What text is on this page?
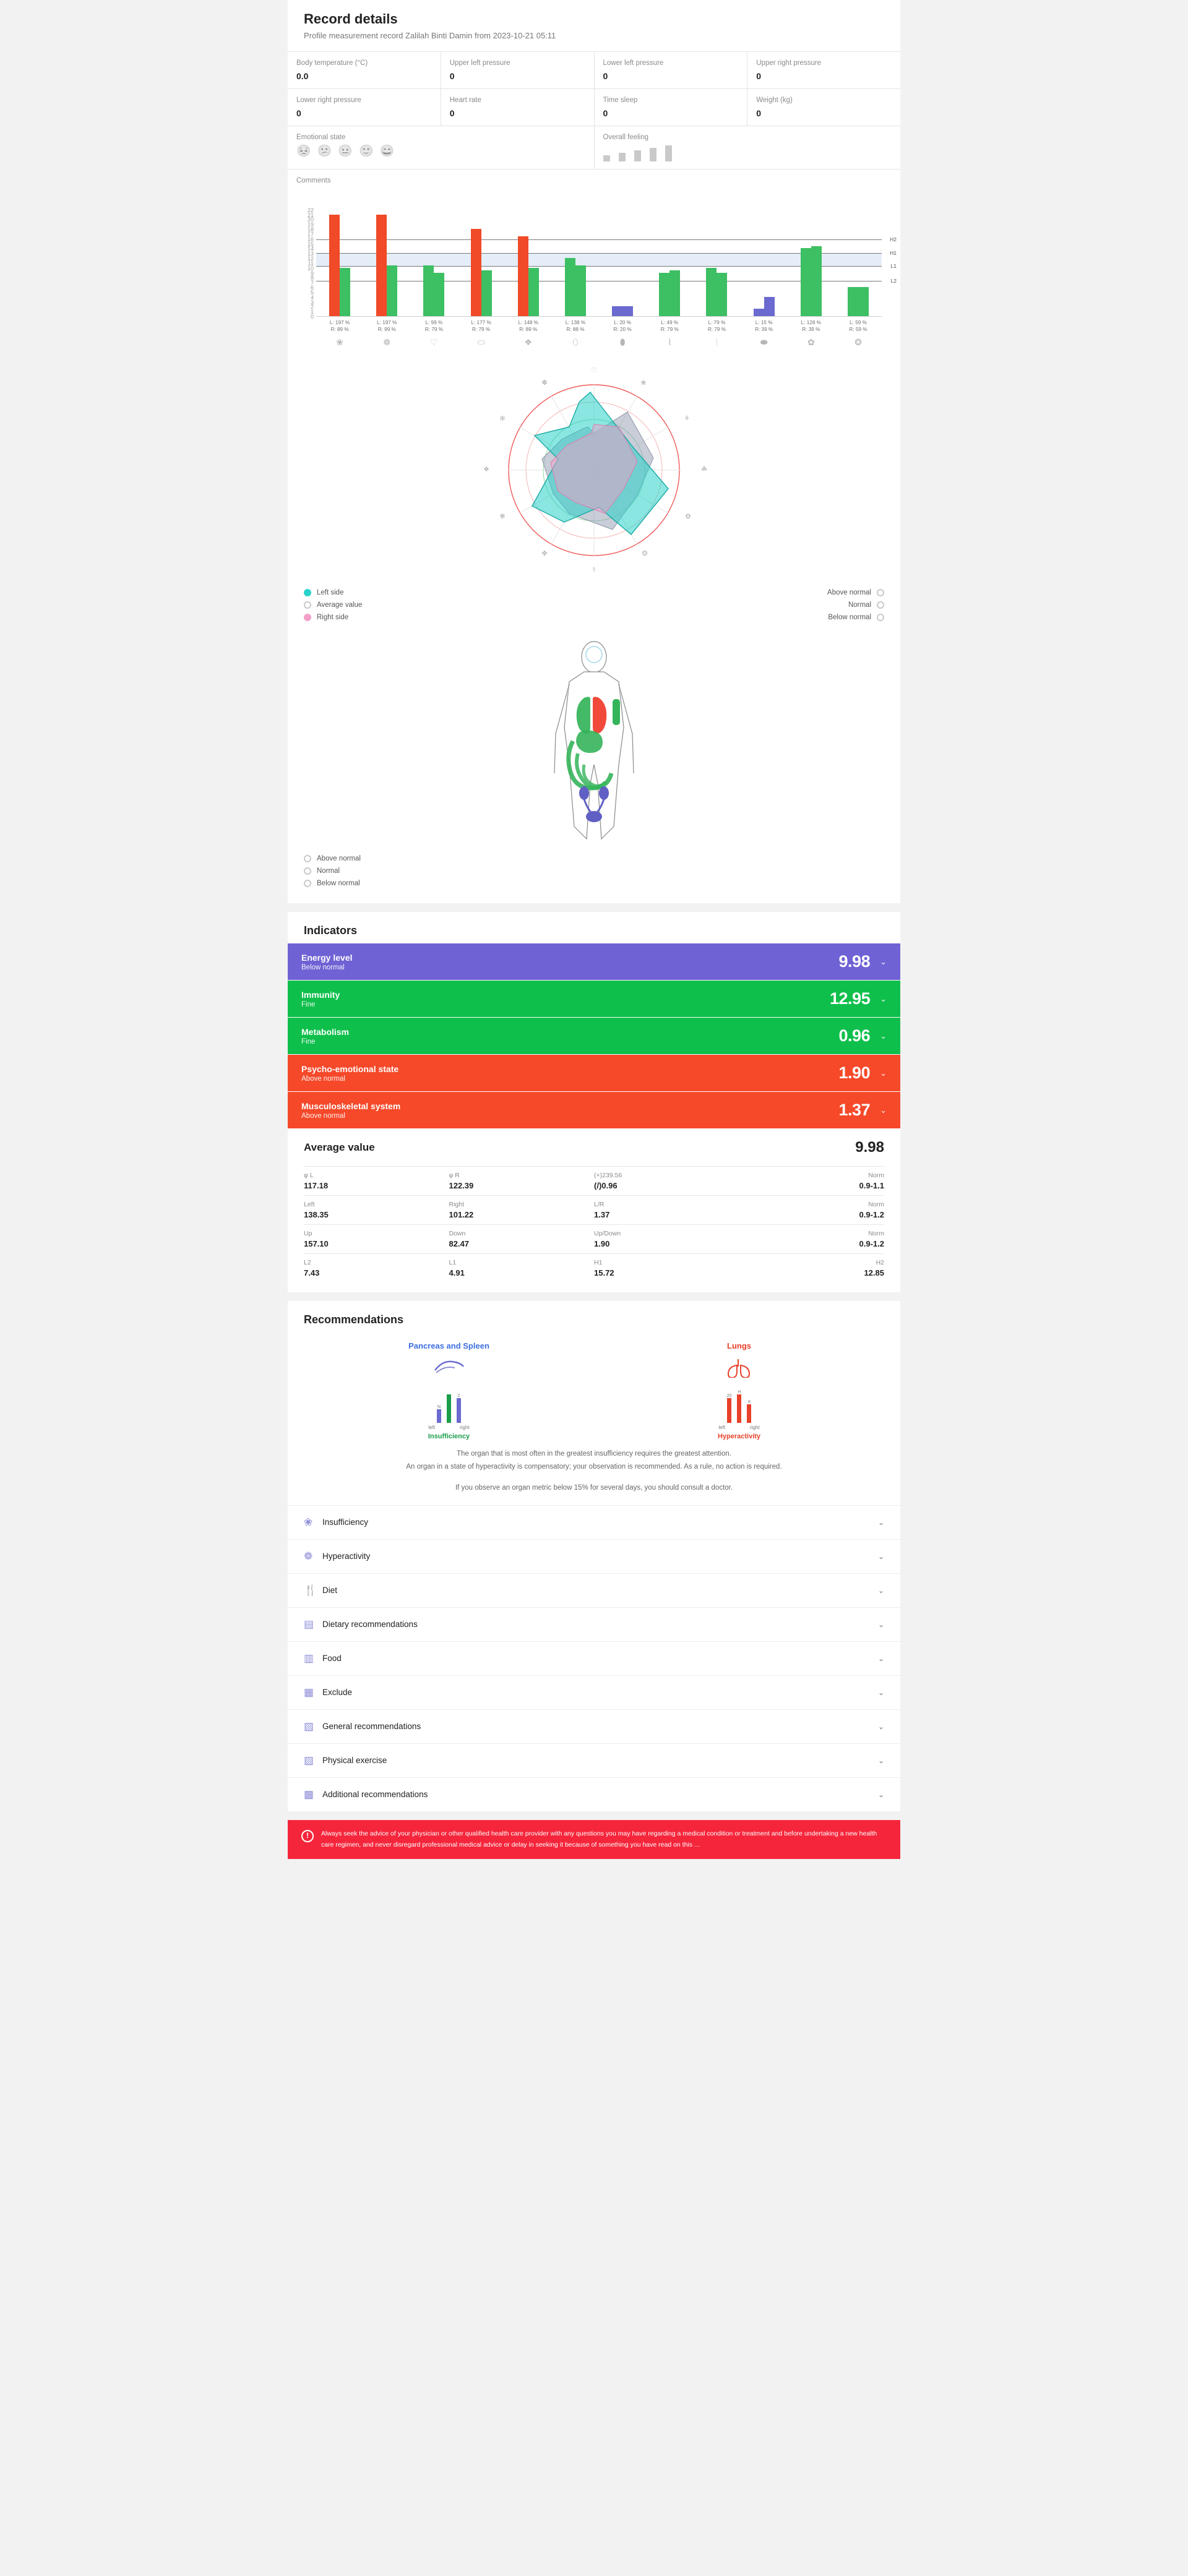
Record details
Profile measurement record Zalilah Binti Damin from 2023-10-21 05:11
Body temperature (°C)
0.0
Upper left pressure
0
Lower left pressure
0
Upper right pressure
0
Lower right pressure
0
Heart rate
0
Time sleep
0
Weight (kg)
0
Emotional state
😣 😕 😐 🙂 😄
Overall feeling
Comments
0
1
2
3
4
5
6
7
8
9
10
11
12
13
14
15
16
17
18
19
20
21
22
H2
H1
L1
L2
L: 197 %
R: 89 %
L: 197 %
R: 99 %
L: 99 %
R: 79 %
L: 177 %
R: 79 %
L: 148 %
R: 89 %
L: 138 %
R: 88 %
L: 20 %
R: 20 %
L: 49 %
R: 79 %
L: 79 %
R: 79 %
L: 15 %
R: 39 %
L: 128 %
R: 39 %
L: 59 %
R: 59 %
❀	❁	♡	⬭	❖	⬯	⬮	⌇	⦙	⬬	✿	❂
♡
❀
⚘
☘
✿
❂
⚕
✤
✾
❖
✻
✽
Left side
Average value
Right side
Above normal
Normal
Below normal
Above normal
Normal
Below normal
Indicators
Energy level
Below normal	9.98 ⌄
Immunity
Fine	12.95 ⌄
Metabolism
Fine	0.96 ⌄
Psycho-emotional state
Above normal	1.90 ⌄
Musculoskeletal system
Above normal	1.37 ⌄
Average value	9.98
φ L
117.18
φ R
122.39
(+)239.56
(/)0.96
Norm
0.9-1.1
Left
138.35
Right
101.22
L/R
1.37
Norm
0.9-1.2
Up
157.10
Down
82.47
Up/Down
1.90
Norm
0.9-1.2
L2
7.43
L1
4.91
H1
15.72
H2
12.85
Recommendations
Pancreas and Spleen
N
2
left	right
Insufficiency
Lungs
20
H
8
left	right
Hyperactivity
The organ that is most often in the greatest insufficiency requires the greatest attention.
An organ in a state of hyperactivity is compensatory; your observation is recommended. As a rule, no action is required.
If you observe an organ metric below 15% for several days, you should consult a doctor.
❀	Insufficiency	⌄
❁	Hyperactivity	⌄
🍴 Diet	⌄
▤	Dietary recommendations	⌄
▥	Food	⌄
▦	Exclude	⌄
▧	General recommendations	⌄
▨	Physical exercise	⌄
▩	Additional recommendations	⌄
!	Always seek the advice of your physician or other qualified health care provider with any questions you may have regarding a medical condition or treatment and before undertaking a new health care regimen, and never disregard professional medical advice or delay in seeking it because of something you have read on this ...
